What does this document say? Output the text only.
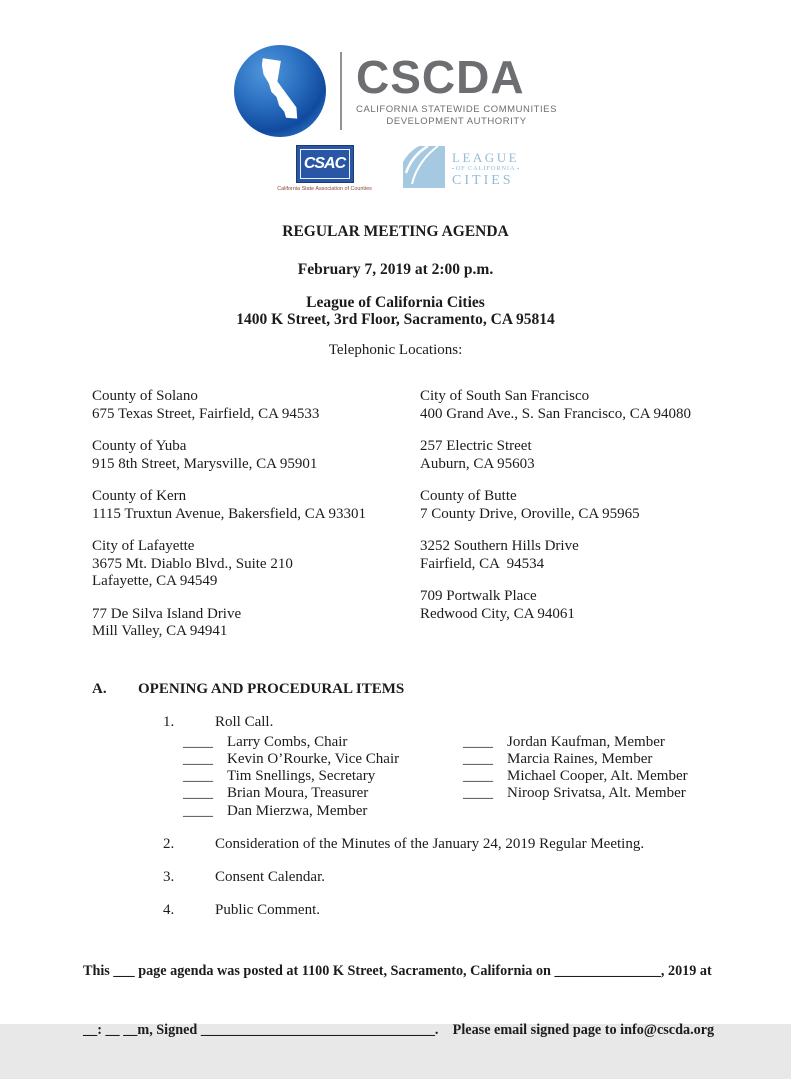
CSCDA
CALIFORNIA STATEWIDE COMMUNITIES
DEVELOPMENT AUTHORITY
CSAC
California State Association of Counties
LEAGUE
OF CALIFORNIA
CITIES
REGULAR MEETING AGENDA
February 7, 2019 at 2:00 p.m.
League of California Cities
1400 K Street, 3rd Floor, Sacramento, CA 95814
Telephonic Locations:
County of Solano
675 Texas Street, Fairfield, CA 94533
County of Yuba
915 8th Street, Marysville, CA 95901
County of Kern
1115 Truxtun Avenue, Bakersfield, CA 93301
City of Lafayette
3675 Mt. Diablo Blvd., Suite 210
Lafayette, CA 94549
77 De Silva Island Drive
Mill Valley, CA 94941
City of South San Francisco
400 Grand Ave., S. San Francisco, CA 94080
257 Electric Street
Auburn, CA 95603
County of Butte
7 County Drive, Oroville, CA 95965
3252 Southern Hills Drive
Fairfield, CA  94534
709 Portwalk Place
Redwood City, CA 94061
A.	OPENING AND PROCEDURAL ITEMS
1.	Roll Call.
____ Larry Combs, Chair
____ Kevin O’Rourke, Vice Chair
____ Tim Snellings, Secretary
____ Brian Moura, Treasurer
____ Dan Mierzwa, Member
____ Jordan Kaufman, Member
____ Marcia Raines, Member
____ Michael Cooper, Alt. Member
____ Niroop Srivatsa, Alt. Member
2.	Consideration of the Minutes of the January 24, 2019 Regular Meeting.
3.	Consent Calendar.
4.	Public Comment.

This ___ page agenda was posted at 1100 K Street, Sacramento, California on _______________, 2019 at

__: __ __m, Signed _________________________________.    Please email signed page to info@cscda.org
